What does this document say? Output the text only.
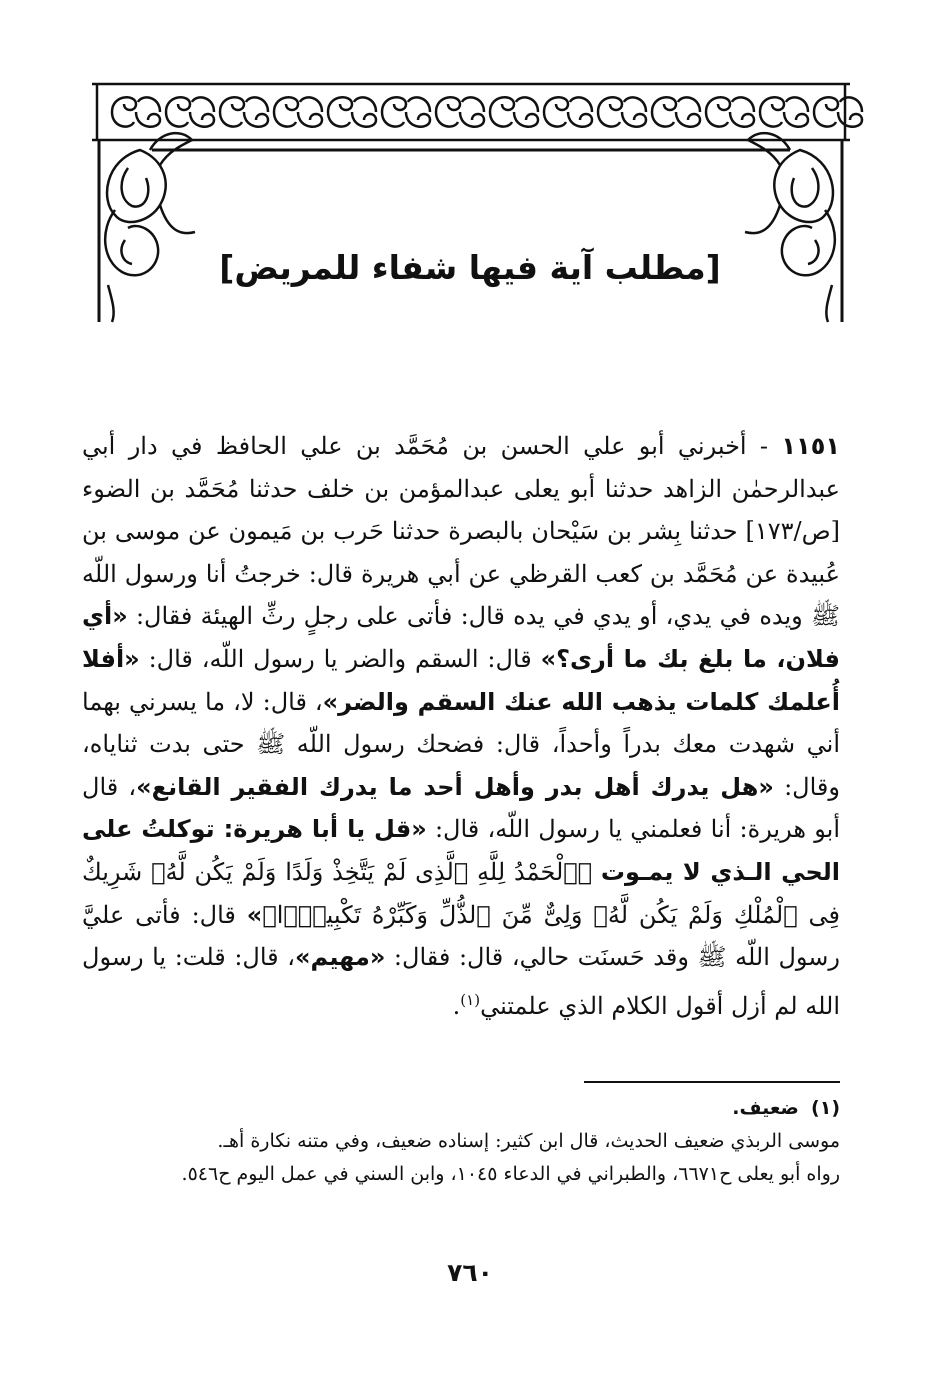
[مطلب آية فيها شفاء للمريض]
١١٥١ - أخبرني أبو علي الحسن بن مُحَمَّد بن علي الحافظ في دار أبي عبدالرحمٰن الزاهد حدثنا أبو يعلى عبدالمؤمن بن خلف حدثنا مُحَمَّد بن الضوء [ص/١٧٣] حدثنا بِشر بن سَيْحان بالبصرة حدثنا حَرب بن مَيمون عن موسى بن عُبيدة عن مُحَمَّد بن كعب القرظي عن أبي هريرة قال: خرجتُ أنا ورسول اللّه ﷺ ويده في يدي، أو يدي في يده قال: فأتى على رجلٍ رثِّ الهيئة فقال: «أي فلان، ما بلغ بك ما أرى؟» قال: السقم والضر يا رسول اللّه، قال: «أفلا أُعلمك كلمات يذهب الله عنك السقم والضر»، قال: لا، ما يسرني بهما أني شهدت معك بدراً وأحداً، قال: فضحك رسول اللّه ﷺ حتى بدت ثناياه، وقال: «هل يدرك أهل بدر وأهل أحد ما يدرك الفقير القانع»، قال أبو هريرة: أنا فعلمني يا رسول اللّه، قال: «قل يا أبا هريرة: توكلتُ على الحي الـذي لا يمـوت ﴿ٱلْحَمْدُ لِلَّهِ ٱلَّذِى لَمْ يَتَّخِذْ وَلَدًا وَلَمْ يَكُن لَّهُۥ شَرِيكٌ فِى ٱلْمُلْكِ وَلَمْ يَكُن لَّهُۥ وَلِىٌّ مِّنَ ٱلذُّلِّ وَكَبِّرْهُ تَكْبِيرًۢا﴾» قال: فأتى عليَّ رسول اللّه ﷺ وقد حَسنَت حالي، قال: فقال: «مهيم»، قال: قلت: يا رسول الله لم أزل أقول الكلام الذي علمتني$^{(١)}$.
(١)  ضعيف.
موسى الربذي ضعيف الحديث، قال ابن كثير: إسناده ضعيف، وفي متنه نكارة أهـ.
رواه أبو يعلى ح٦٦٧١، والطبراني في الدعاء ١٠٤٥، وابن السني في عمل اليوم ح٥٤٦.
٧٦٠
